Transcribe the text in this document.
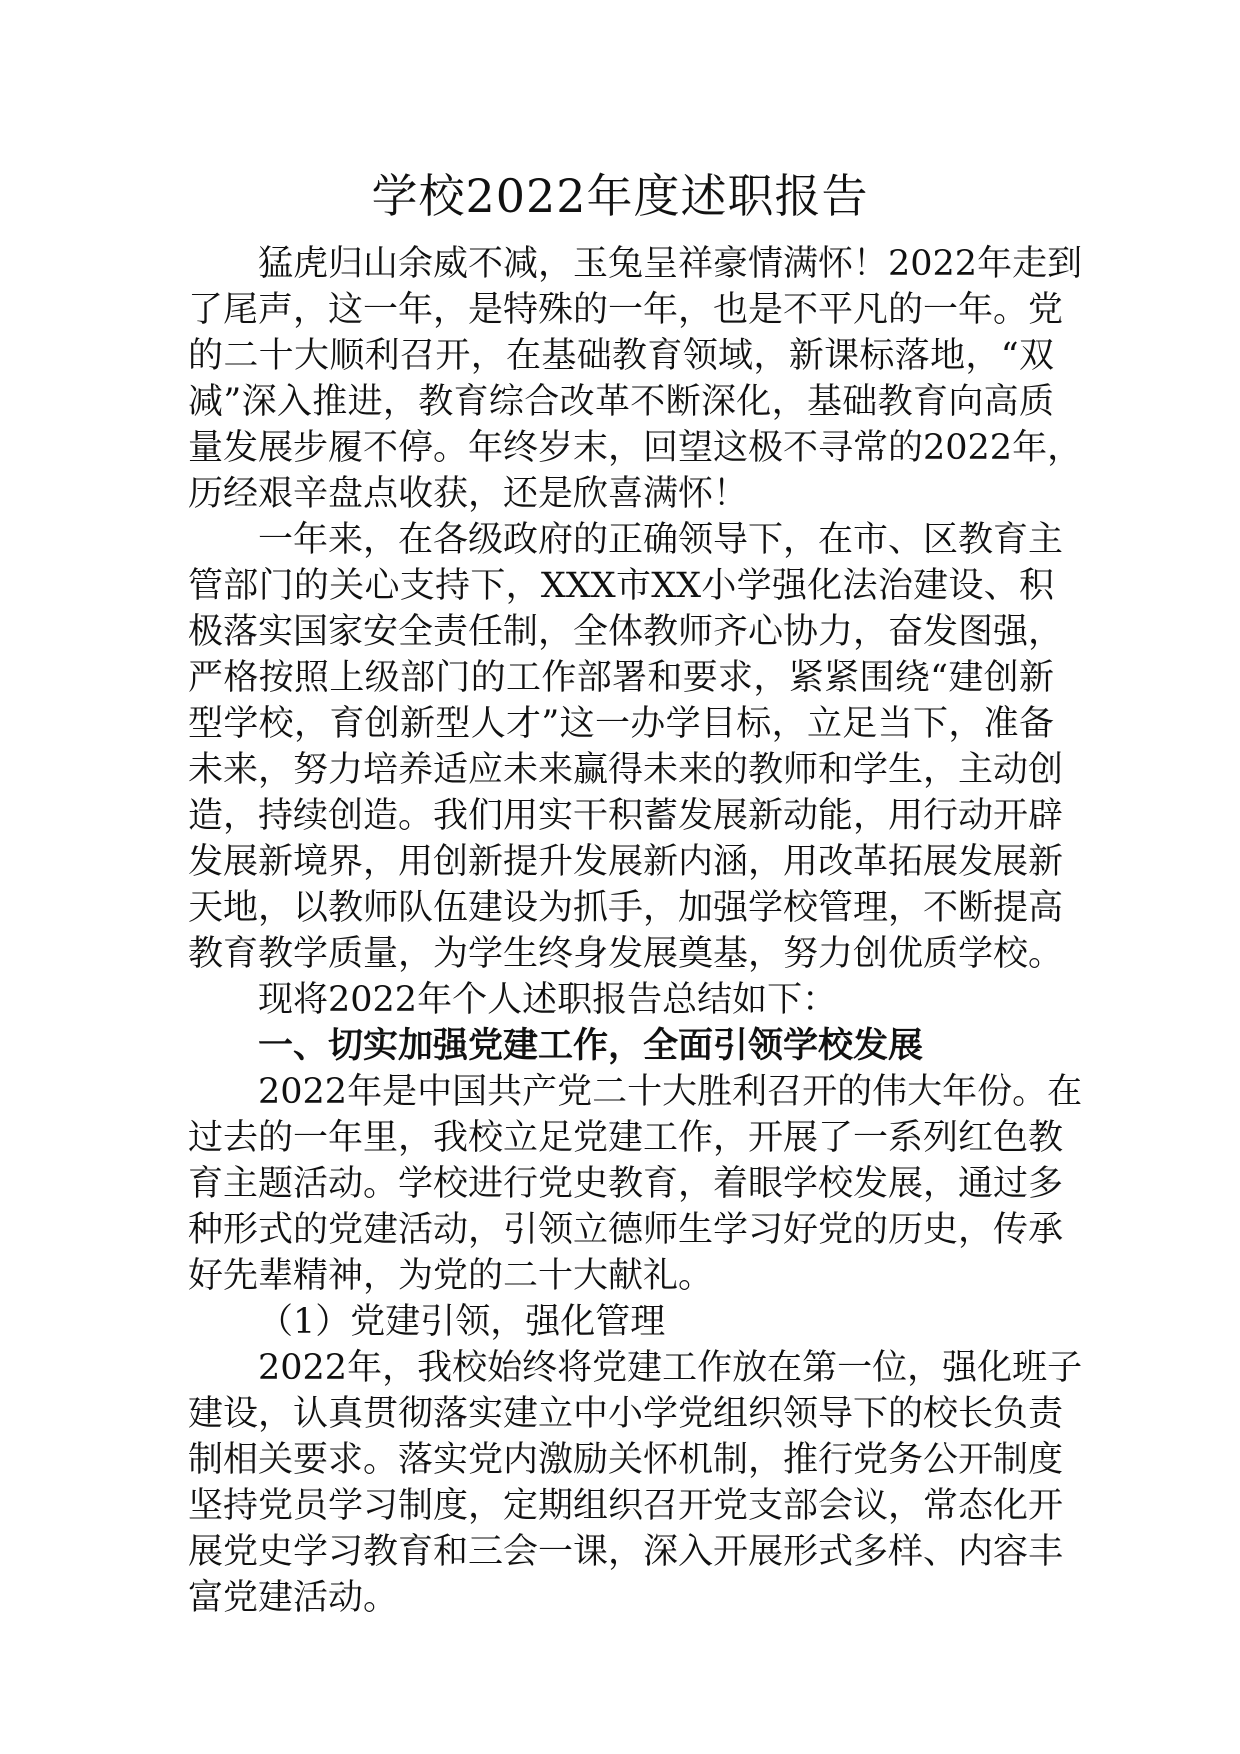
学校2022年度述职报告
猛虎归山余威不减，玉兔呈祥豪情满怀！2022年走到
了尾声，这一年，是特殊的一年，也是不平凡的一年。党
的二十大顺利召开，在基础教育领域，新课标落地，“双
减”深入推进，教育综合改革不断深化，基础教育向高质
量发展步履不停。年终岁末，回望这极不寻常的2022年，
历经艰辛盘点收获，还是欣喜满怀！
一年来，在各级政府的正确领导下，在市、区教育主
管部门的关心支持下，XXX市XX小学强化法治建设、积
极落实国家安全责任制，全体教师齐心协力，奋发图强，
严格按照上级部门的工作部署和要求，紧紧围绕“建创新
型学校，育创新型人才”这一办学目标，立足当下，准备
未来，努力培养适应未来赢得未来的教师和学生，主动创
造，持续创造。我们用实干积蓄发展新动能，用行动开辟
发展新境界，用创新提升发展新内涵，用改革拓展发展新
天地，以教师队伍建设为抓手，加强学校管理，不断提高
教育教学质量，为学生终身发展奠基，努力创优质学校。
现将2022年个人述职报告总结如下：
一、切实加强党建工作，全面引领学校发展
2022年是中国共产党二十大胜利召开的伟大年份。在
过去的一年里，我校立足党建工作，开展了一系列红色教
育主题活动。学校进行党史教育，着眼学校发展，通过多
种形式的党建活动，引领立德师生学习好党的历史，传承
好先辈精神，为党的二十大献礼。
（1）党建引领，强化管理
2022年，我校始终将党建工作放在第一位，强化班子
建设，认真贯彻落实建立中小学党组织领导下的校长负责
制相关要求。落实党内激励关怀机制，推行党务公开制度
坚持党员学习制度，定期组织召开党支部会议，常态化开
展党史学习教育和三会一课，深入开展形式多样、内容丰
富党建活动。
